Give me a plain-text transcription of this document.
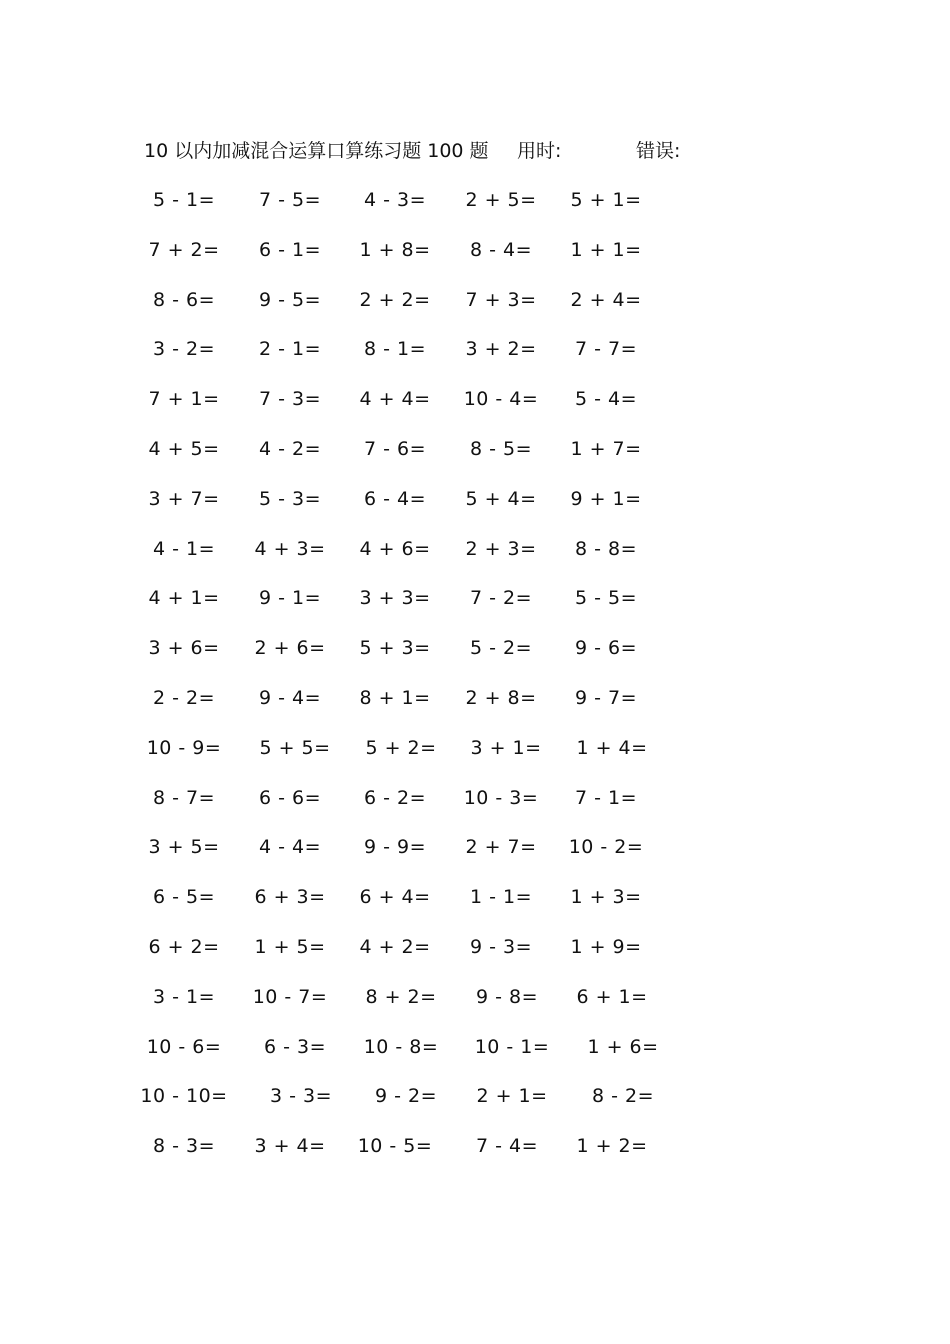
10 以内加减混合运算口算练习题 100 题 用时:	错误:
5 - 1=	7 - 5=	4 - 3=	2 + 5=	5 + 1=
7 + 2=	6 - 1=	1 + 8=	8 - 4=	1 + 1=
8 - 6=	9 - 5=	2 + 2=	7 + 3=	2 + 4=
3 - 2=	2 - 1=	8 - 1=	3 + 2=	7 - 7=
7 + 1=	7 - 3=	4 + 4=	10 - 4=	5 - 4=
4 + 5=	4 - 2=	7 - 6=	8 - 5=	1 + 7=
3 + 7=	5 - 3=	6 - 4=	5 + 4=	9 + 1=
4 - 1=	4 + 3=	4 + 6=	2 + 3=	8 - 8=
4 + 1=	9 - 1=	3 + 3=	7 - 2=	5 - 5=
3 + 6=	2 + 6=	5 + 3=	5 - 2=	9 - 6=
2 - 2=	9 - 4=	8 + 1=	2 + 8=	9 - 7=
10 - 9=	5 + 5=	5 + 2=	3 + 1=	1 + 4=
8 - 7=	6 - 6=	6 - 2=	10 - 3=	7 - 1=
3 + 5=	4 - 4=	9 - 9=	2 + 7=	10 - 2=
6 - 5=	6 + 3=	6 + 4=	1 - 1=	1 + 3=
6 + 2=	1 + 5=	4 + 2=	9 - 3=	1 + 9=
3 - 1=	10 - 7=	8 + 2=	9 - 8=	6 + 1=
10 - 6=	6 - 3=	10 - 8=	10 - 1=	1 + 6=
10 - 10=	3 - 3=	9 - 2=	2 + 1=	8 - 2=
8 - 3=	3 + 4=	10 - 5=	7 - 4=	1 + 2=
